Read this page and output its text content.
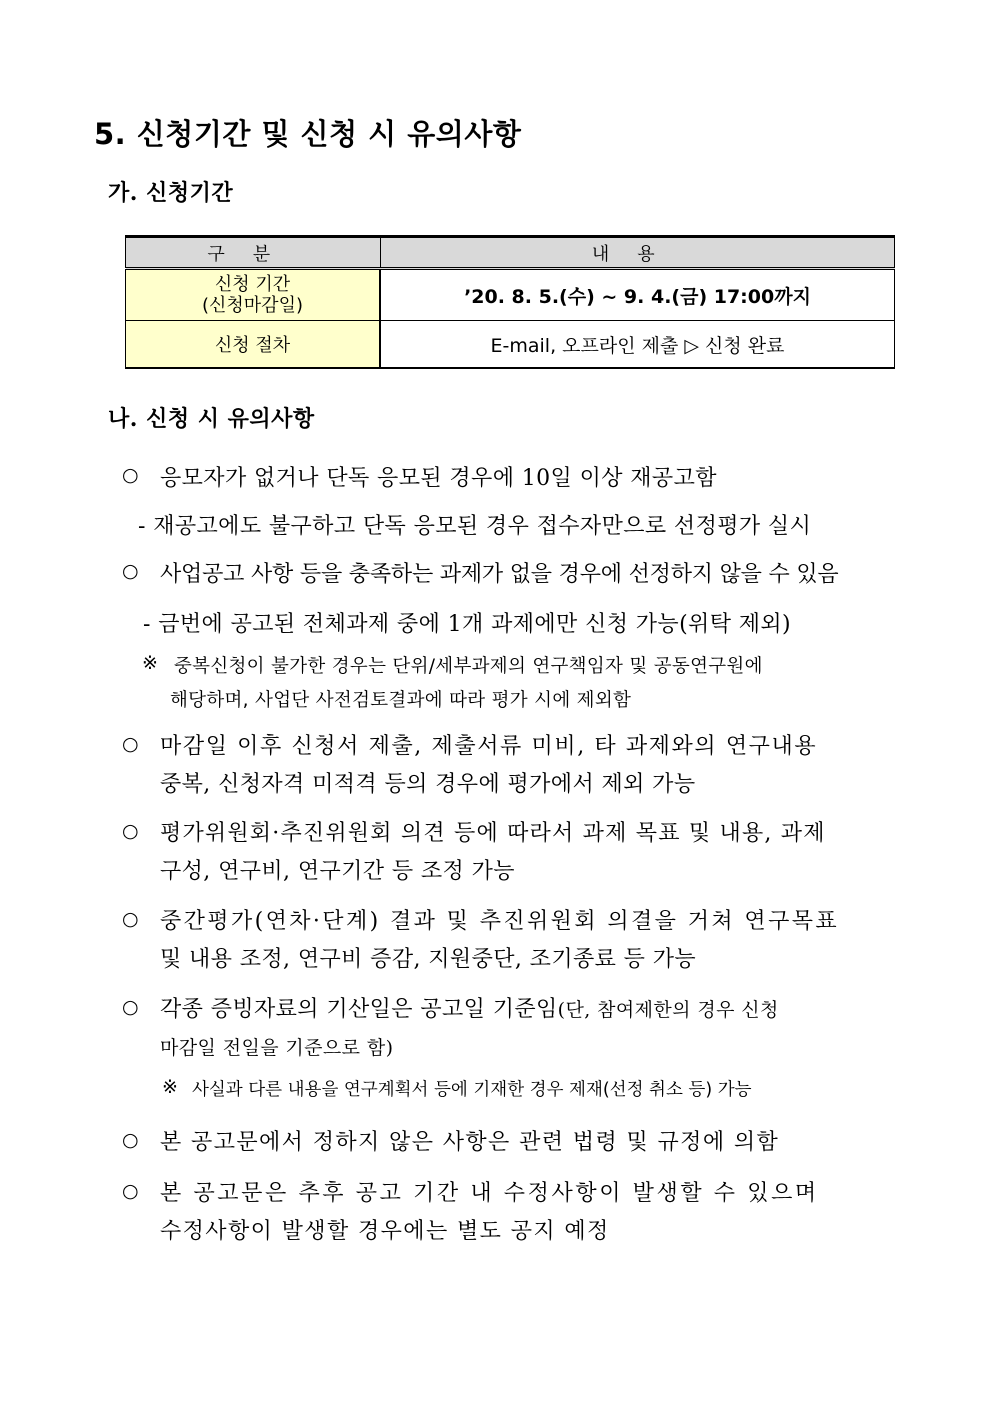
5. 신청기간 및 신청 시 유의사항
가. 신청기간
구분	내용

신청 기간
(신청마감일)	’20. 8. 5.(수) ~ 9. 4.(금) 17:00까지
신청 절차	E-mail, 오프라인 제출 ▷ 신청 완료
나. 신청 시 유의사항
○ 응모자가 없거나 단독 응모된 경우에 10일 이상 재공고함
- 재공고에도 불구하고 단독 응모된 경우 접수자만으로 선정평가 실시
○ 사업공고 사항 등을 충족하는 과제가 없을 경우에 선정하지 않을 수 있음
- 금번에 공고된 전체과제 중에 1개 과제에만 신청 가능(위탁 제외)
※ 중복신청이 불가한 경우는 단위/세부과제의 연구책임자 및 공동연구원에
해당하며, 사업단 사전검토결과에 따라 평가 시에 제외함
○ 마감일 이후 신청서 제출, 제출서류 미비, 타 과제와의 연구내용
중복, 신청자격 미적격 등의 경우에 평가에서 제외 가능
○ 평가위원회·추진위원회 의견 등에 따라서 과제 목표 및 내용, 과제
구성, 연구비, 연구기간 등 조정 가능
○ 중간평가(연차·단계) 결과 및 추진위원회 의결을 거쳐 연구목표
및 내용 조정, 연구비 증감, 지원중단, 조기종료 등 가능
○ 각종 증빙자료의 기산일은 공고일 기준임(단, 참여제한의 경우 신청
마감일 전일을 기준으로 함)
※ 사실과 다른 내용을 연구계획서 등에 기재한 경우 제재(선정 취소 등) 가능
○ 본 공고문에서 정하지 않은 사항은 관련 법령 및 규정에 의함
○ 본 공고문은 추후 공고 기간 내 수정사항이 발생할 수 있으며
수정사항이 발생할 경우에는 별도 공지 예정
